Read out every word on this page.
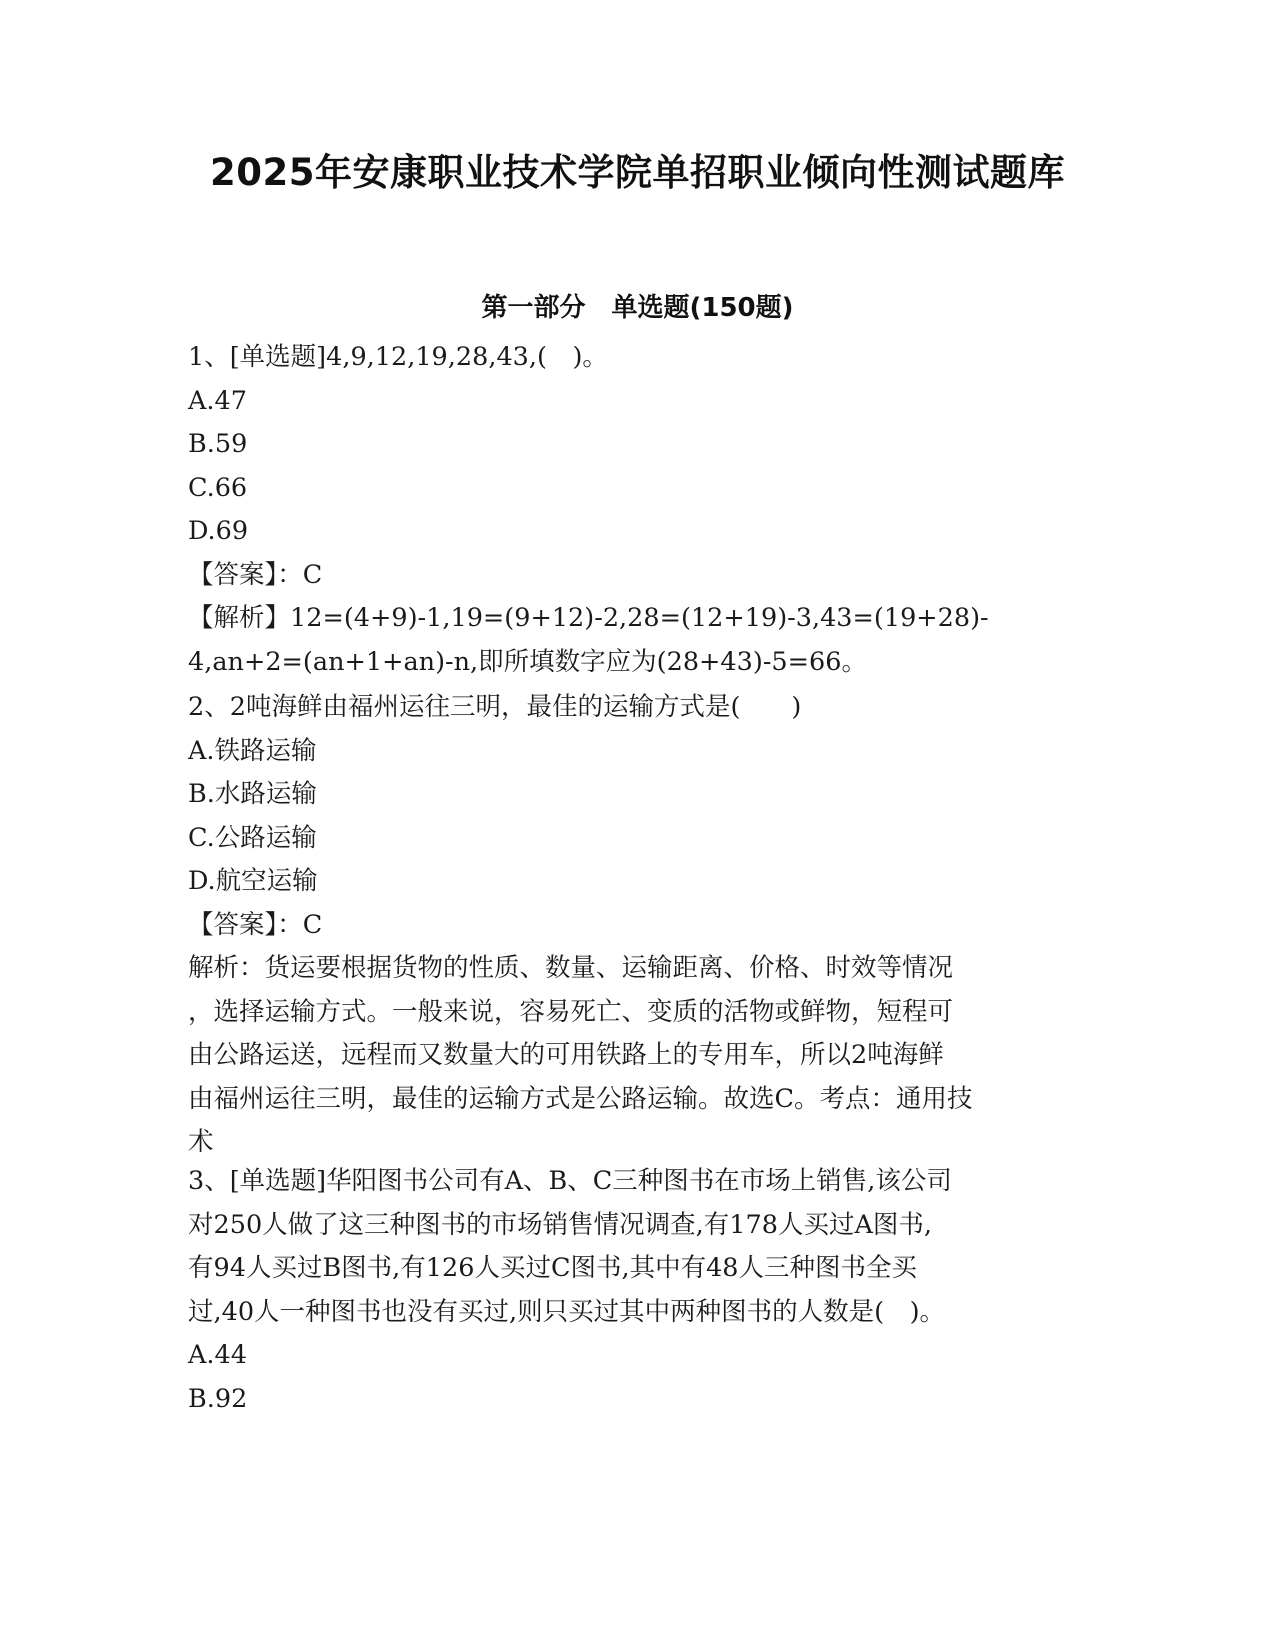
2025年安康职业技术学院单招职业倾向性测试题库
第一部分　单选题(150题)
1、[单选题]4,9,12,19,28,43,(　)。
A.47
B.59
C.66
D.69
【答案】：C
【解析】12=(4+9)-1,19=(9+12)-2,28=(12+19)-3,43=(19+28)-
4,an+2=(an+1+an)-n,即所填数字应为(28+43)-5=66。
2、2吨海鲜由福州运往三明，最佳的运输方式是(　　)
A.铁路运输
B.水路运输
C.公路运输
D.航空运输
【答案】：C
解析：货运要根据货物的性质、数量、运输距离、价格、时效等情况
，选择运输方式。一般来说，容易死亡、变质的活物或鲜物，短程可
由公路运送，远程而又数量大的可用铁路上的专用车，所以2吨海鲜
由福州运往三明，最佳的运输方式是公路运输。故选C。考点：通用技
术
3、[单选题]华阳图书公司有A、B、C三种图书在市场上销售,该公司
对250人做了这三种图书的市场销售情况调查,有178人买过A图书,
有94人买过B图书,有126人买过C图书,其中有48人三种图书全买
过,40人一种图书也没有买过,则只买过其中两种图书的人数是(　)。
A.44
B.92
